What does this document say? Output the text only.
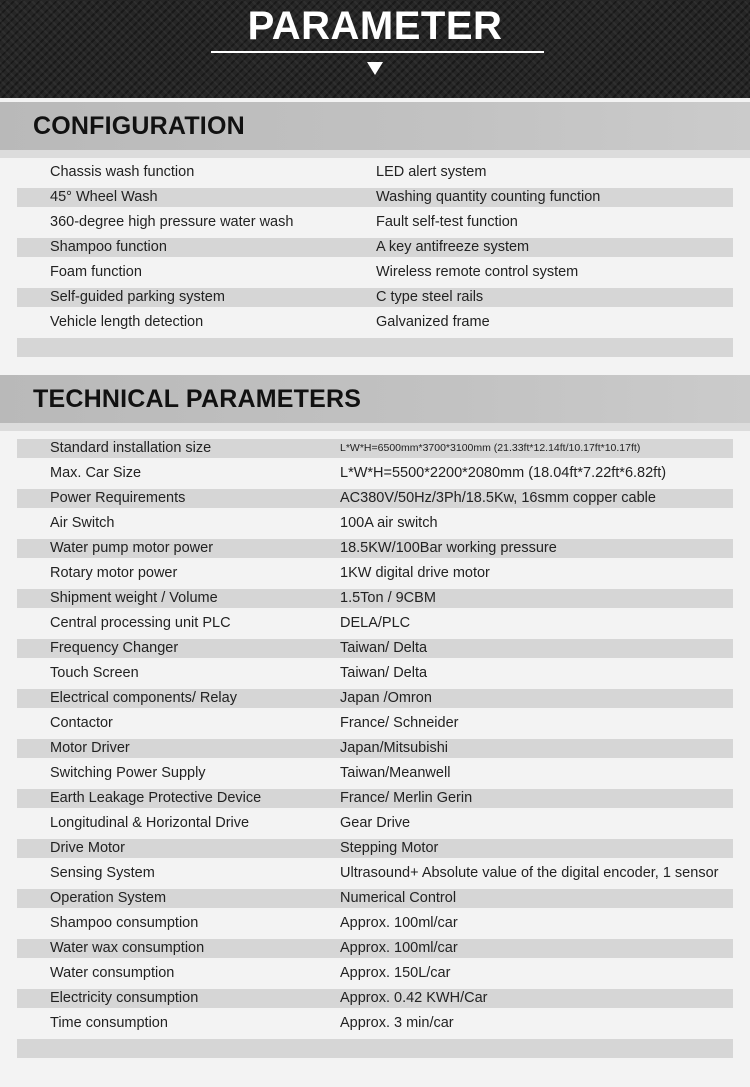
PARAMETER
CONFIGURATION
Chassis wash function	LED alert system
45° Wheel Wash	Washing quantity counting function
360-degree high pressure water wash	Fault self-test function
Shampoo function	A key antifreeze system
Foam function	Wireless remote control system
Self-guided parking system	C type steel rails
Vehicle length detection	Galvanized frame
TECHNICAL PARAMETERS
Standard installation size	L*W*H=6500mm*3700*3100mm (21.33ft*12.14ft/10.17ft*10.17ft)
Max. Car Size	L*W*H=5500*2200*2080mm (18.04ft*7.22ft*6.82ft)
Power Requirements	AC380V/50Hz/3Ph/18.5Kw, 16smm copper cable
Air Switch	100A air switch
Water pump motor power	18.5KW/100Bar working pressure
Rotary motor power	1KW digital drive motor
Shipment weight / Volume	1.5Ton / 9CBM
Central processing unit PLC	DELA/PLC
Frequency Changer	Taiwan/ Delta
Touch Screen	Taiwan/ Delta
Electrical components/ Relay	Japan /Omron
Contactor	France/ Schneider
Motor Driver	Japan/Mitsubishi
Switching Power Supply	Taiwan/Meanwell
Earth Leakage Protective Device	France/ Merlin Gerin
Longitudinal & Horizontal Drive	Gear Drive
Drive Motor	Stepping Motor
Sensing System	Ultrasound+ Absolute value of the digital encoder, 1 sensor
Operation System	Numerical Control
Shampoo consumption	Approx. 100ml/car
Water wax consumption	Approx. 100ml/car
Water consumption	Approx. 150L/car
Electricity consumption	Approx. 0.42 KWH/Car
Time consumption	Approx. 3 min/car
